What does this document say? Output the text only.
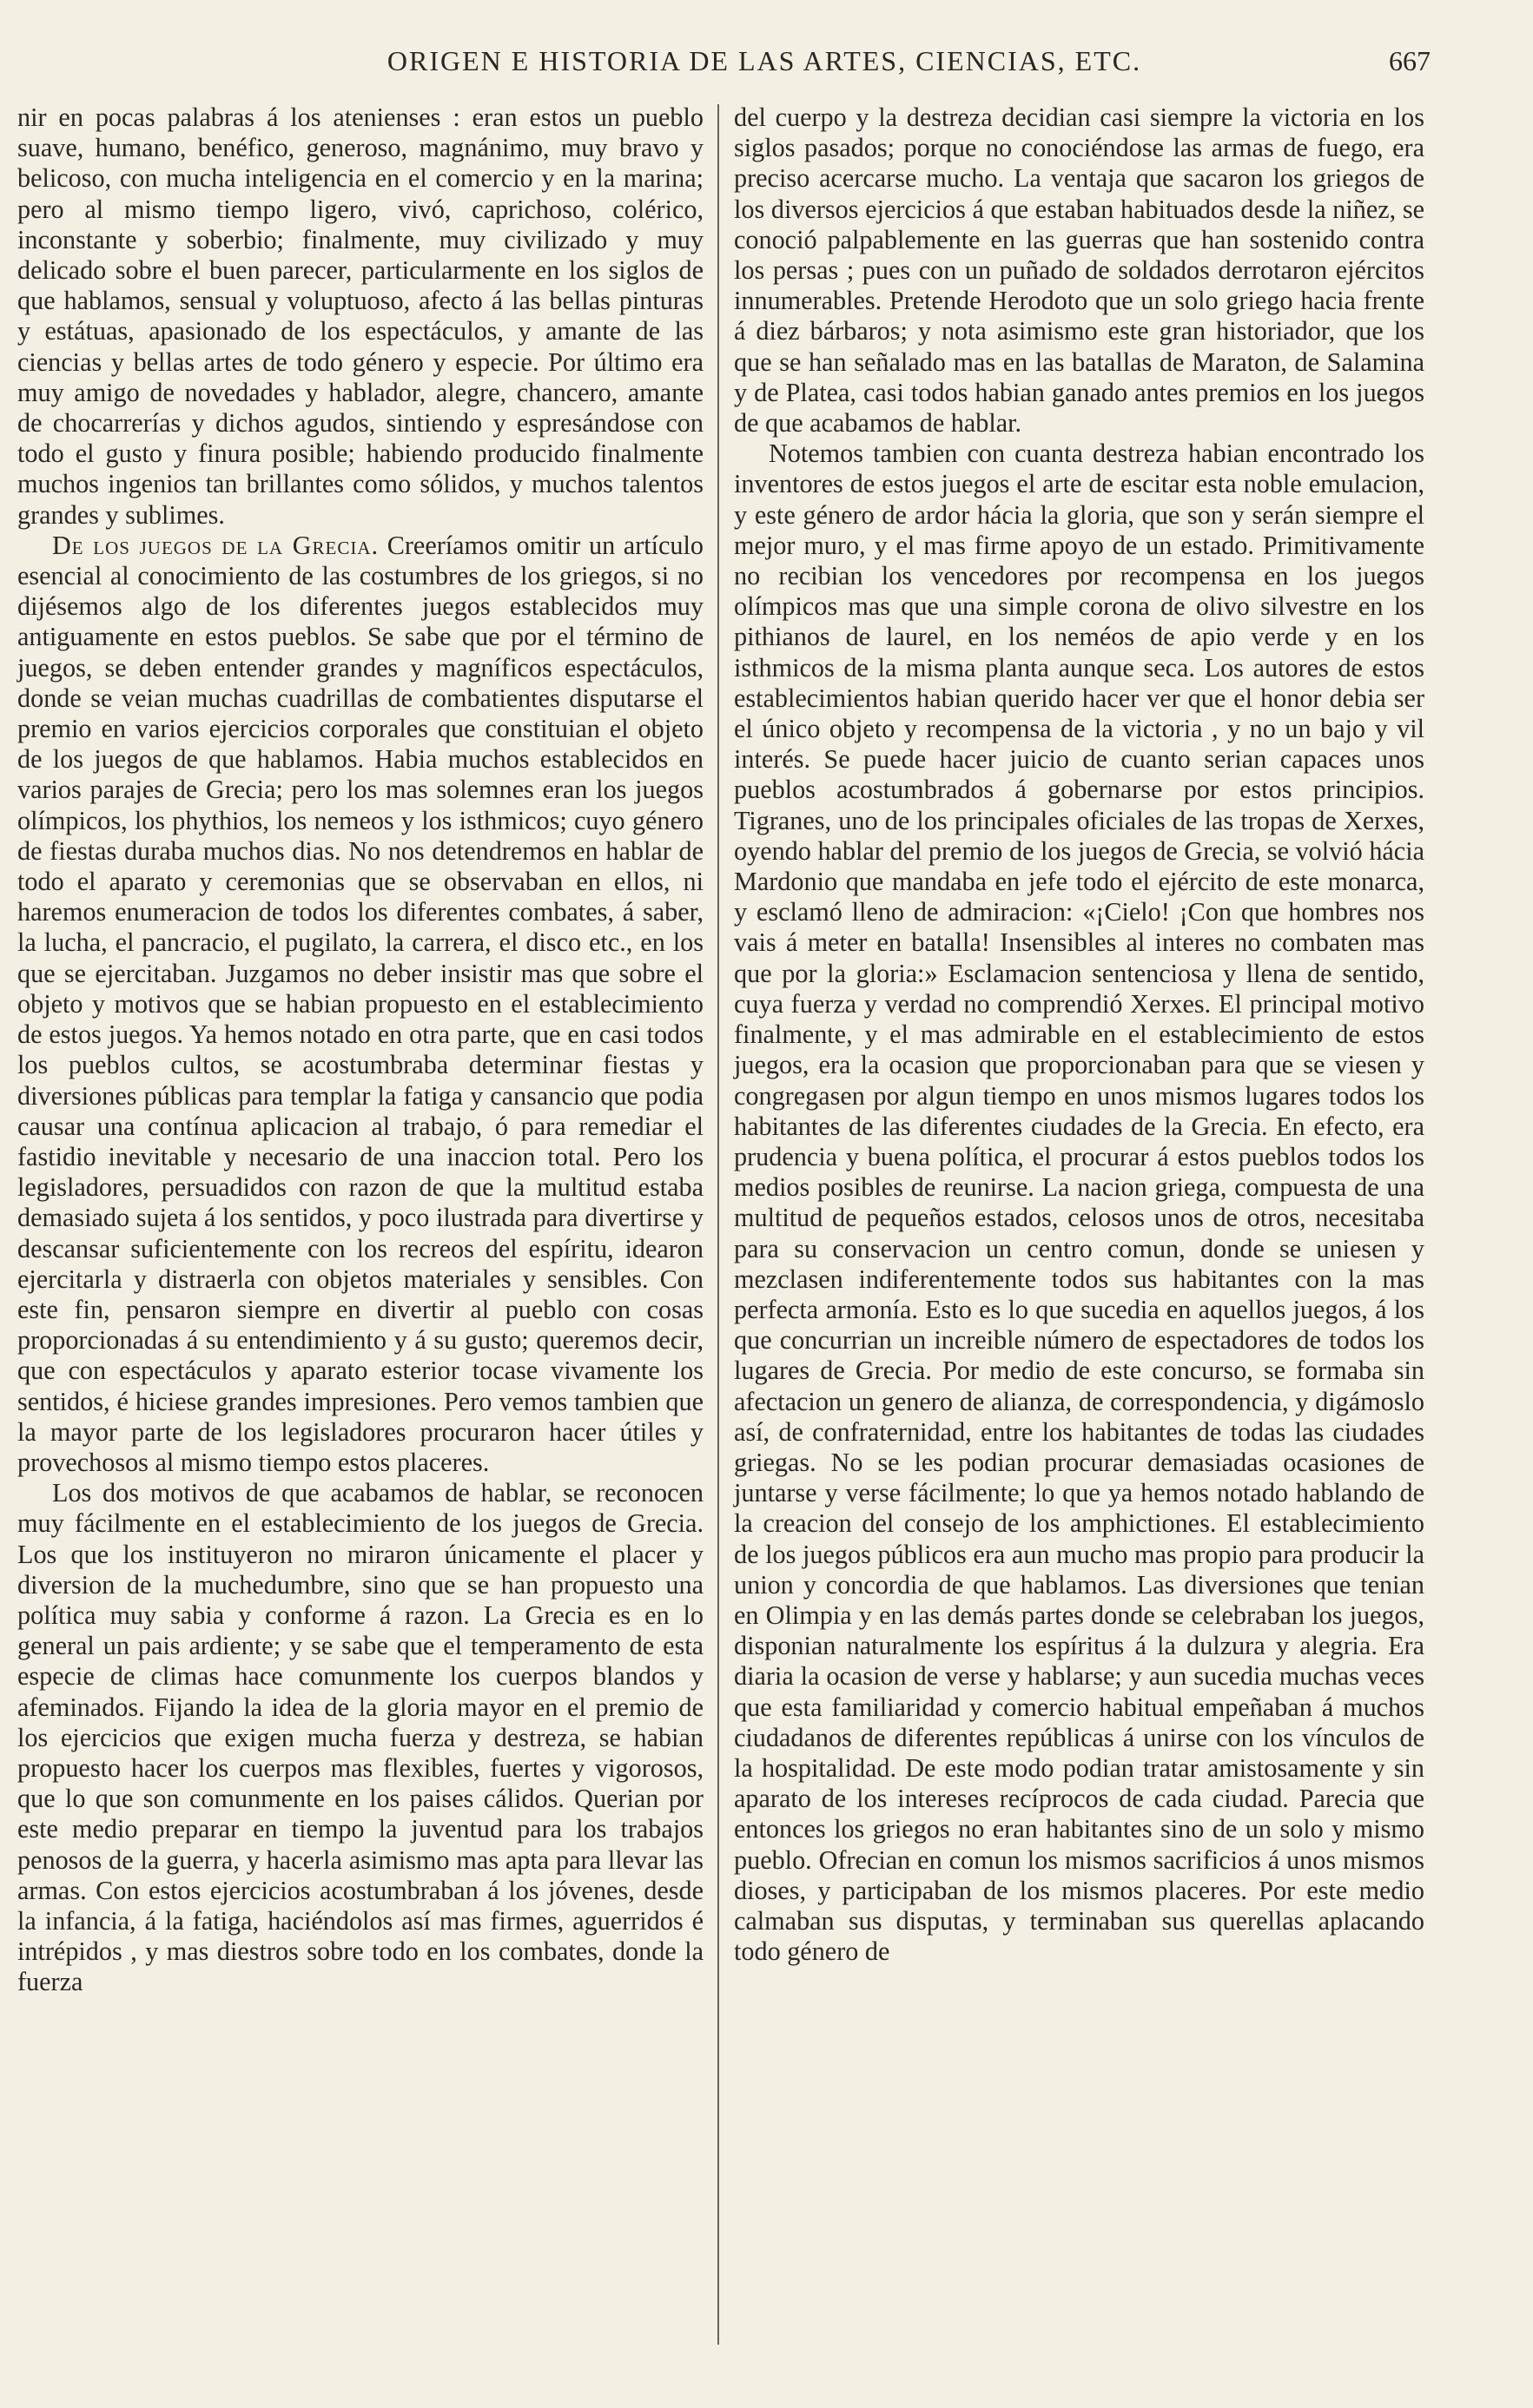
ORIGEN E HISTORIA DE LAS ARTES, CIENCIAS, ETC.	667

nir en pocas palabras á los atenienses : eran estos un pueblo suave, humano, benéfico, generoso, magnánimo, muy bravo y belicoso, con mucha inteligencia en el comercio y en la marina; pero al mismo tiempo ligero, vivó, caprichoso, colérico, inconstante y soberbio; finalmente, muy civilizado y muy delicado sobre el buen parecer, particularmente en los siglos de que hablamos, sensual y voluptuoso, afecto á las bellas pinturas y estátuas, apasionado de los espectáculos, y amante de las ciencias y bellas artes de todo género y especie. Por último era muy amigo de novedades y hablador, alegre, chancero, amante de chocarrerías y dichos agudos, sintiendo y espresándose con todo el gusto y finura posible; habiendo producido finalmente muchos ingenios tan brillantes como sólidos, y muchos talentos grandes y sublimes.

De los juegos de la Grecia. Creeríamos omitir un artículo esencial al conocimiento de las costumbres de los griegos, si no dijésemos algo de los diferentes juegos establecidos muy antiguamente en estos pueblos. Se sabe que por el término de juegos, se deben entender grandes y magníficos espectáculos, donde se veian muchas cuadrillas de combatientes disputarse el premio en varios ejercicios corporales que constituian el objeto de los juegos de que hablamos. Habia muchos establecidos en varios parajes de Grecia; pero los mas solemnes eran los juegos olímpicos, los phythios, los nemeos y los isthmicos; cuyo género de fiestas duraba muchos dias. No nos detendremos en hablar de todo el aparato y ceremonias que se observaban en ellos, ni haremos enumeracion de todos los diferentes combates, á saber, la lucha, el pancracio, el pugilato, la carrera, el disco etc., en los que se ejercitaban. Juzgamos no deber insistir mas que sobre el objeto y motivos que se habian propuesto en el establecimiento de estos juegos. Ya hemos notado en otra parte, que en casi todos los pueblos cultos, se acostumbraba determinar fiestas y diversiones públicas para templar la fatiga y cansancio que podia causar una contínua aplicacion al trabajo, ó para remediar el fastidio inevitable y necesario de una inaccion total. Pero los legisladores, persuadidos con razon de que la multitud estaba demasiado sujeta á los sentidos, y poco ilustrada para divertirse y descansar suficientemente con los recreos del espíritu, idearon ejercitarla y distraerla con objetos materiales y sensibles. Con este fin, pensaron siempre en divertir al pueblo con cosas proporcionadas á su entendimiento y á su gusto; queremos decir, que con espectáculos y aparato esterior tocase vivamente los sentidos, é hiciese grandes impresiones. Pero vemos tambien que la mayor parte de los legisladores procuraron hacer útiles y provechosos al mismo tiempo estos placeres.

Los dos motivos de que acabamos de hablar, se reconocen muy fácilmente en el establecimiento de los juegos de Grecia. Los que los instituyeron no miraron únicamente el placer y diversion de la muchedumbre, sino que se han propuesto una política muy sabia y conforme á razon. La Grecia es en lo general un pais ardiente; y se sabe que el temperamento de esta especie de climas hace comunmente los cuerpos blandos y afeminados. Fijando la idea de la gloria mayor en el premio de los ejercicios que exigen mucha fuerza y destreza, se habian propuesto hacer los cuerpos mas flexibles, fuertes y vigorosos, que lo que son comunmente en los paises cálidos. Querian por este medio preparar en tiempo la juventud para los trabajos penosos de la guerra, y hacerla asimismo mas apta para llevar las armas. Con estos ejercicios acostumbraban á los jóvenes, desde la infancia, á la fatiga, haciéndolos así mas firmes, aguerridos é intrépidos , y mas diestros sobre todo en los combates, donde la fuerza

del cuerpo y la destreza decidian casi siempre la victoria en los siglos pasados; porque no conociéndose las armas de fuego, era preciso acercarse mucho. La ventaja que sacaron los griegos de los diversos ejercicios á que estaban habituados desde la niñez, se conoció palpablemente en las guerras que han sostenido contra los persas ; pues con un puñado de soldados derrotaron ejércitos innumerables. Pretende Herodoto que un solo griego hacia frente á diez bárbaros; y nota asimismo este gran historiador, que los que se han señalado mas en las batallas de Maraton, de Salamina y de Platea, casi todos habian ganado antes premios en los juegos de que acabamos de hablar.

Notemos tambien con cuanta destreza habian encontrado los inventores de estos juegos el arte de escitar esta noble emulacion, y este género de ardor hácia la gloria, que son y serán siempre el mejor muro, y el mas firme apoyo de un estado. Primitivamente no recibian los vencedores por recompensa en los juegos olímpicos mas que una simple corona de olivo silvestre en los pithianos de laurel, en los neméos de apio verde y en los isthmicos de la misma planta aunque seca. Los autores de estos establecimientos habian querido hacer ver que el honor debia ser el único objeto y recompensa de la victoria , y no un bajo y vil interés. Se puede hacer juicio de cuanto serian capaces unos pueblos acostumbrados á gobernarse por estos principios. Tigranes, uno de los principales oficiales de las tropas de Xerxes, oyendo hablar del premio de los juegos de Grecia, se volvió hácia Mardonio que mandaba en jefe todo el ejército de este monarca, y esclamó lleno de admiracion: «¡Cielo! ¡Con que hombres nos vais á meter en batalla! Insensibles al interes no combaten mas que por la gloria:» Esclamacion sentenciosa y llena de sentido, cuya fuerza y verdad no comprendió Xerxes. El principal motivo finalmente, y el mas admirable en el establecimiento de estos juegos, era la ocasion que proporcionaban para que se viesen y congregasen por algun tiempo en unos mismos lugares todos los habitantes de las diferentes ciudades de la Grecia. En efecto, era prudencia y buena política, el procurar á estos pueblos todos los medios posibles de reunirse. La nacion griega, compuesta de una multitud de pequeños estados, celosos unos de otros, necesitaba para su conservacion un centro comun, donde se uniesen y mezclasen indiferentemente todos sus habitantes con la mas perfecta armonía. Esto es lo que sucedia en aquellos juegos, á los que concurrian un increible número de espectadores de todos los lugares de Grecia. Por medio de este concurso, se formaba sin afectacion un genero de alianza, de correspondencia, y digámoslo así, de confraternidad, entre los habitantes de todas las ciudades griegas. No se les podian procurar demasiadas ocasiones de juntarse y verse fácilmente; lo que ya hemos notado hablando de la creacion del consejo de los amphictiones. El establecimiento de los juegos públicos era aun mucho mas propio para producir la union y concordia de que hablamos. Las diversiones que tenian en Olimpia y en las demás partes donde se celebraban los juegos, disponian naturalmente los espíritus á la dulzura y alegria. Era diaria la ocasion de verse y hablarse; y aun sucedia muchas veces que esta familiaridad y comercio habitual empeñaban á muchos ciudadanos de diferentes repúblicas á unirse con los vínculos de la hospitalidad. De este modo podian tratar amistosamente y sin aparato de los intereses recíprocos de cada ciudad. Parecia que entonces los griegos no eran habitantes sino de un solo y mismo pueblo. Ofrecian en comun los mismos sacrificios á unos mismos dioses, y participaban de los mismos placeres. Por este medio calmaban sus disputas, y terminaban sus querellas aplacando todo género de
